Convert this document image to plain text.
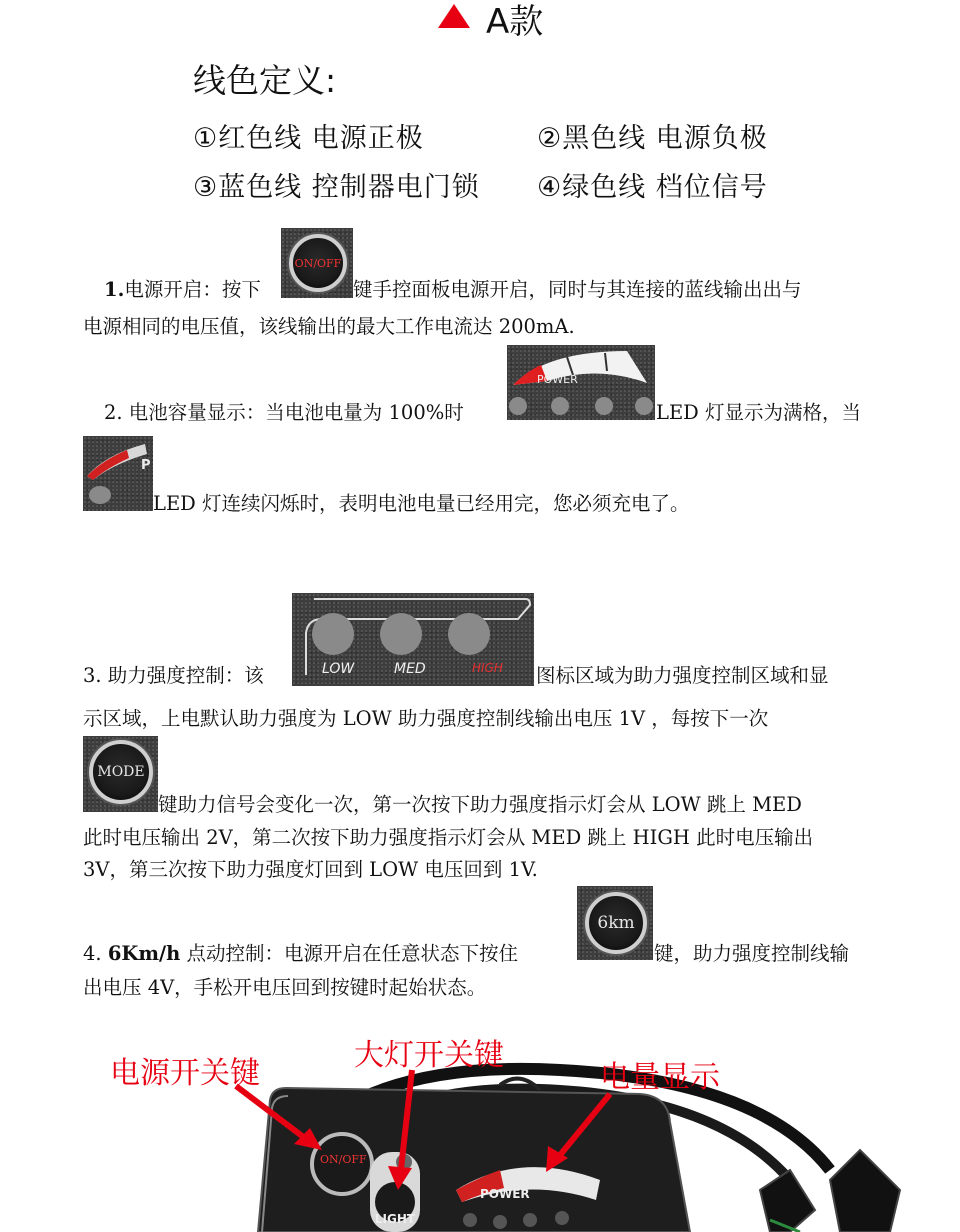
A款
线色定义:
①红色线 电源正极	②黑色线 电源负极
③蓝色线 控制器电门锁 ④绿色线 档位信号
1.电源开启：按下
ON/OFF
键手控面板电源开启，同时与其连接的蓝线输出出与
电源相同的电压值，该线输出的最大工作电流达 200mA.
2. 电池容量显示：当电池电量为 100%时
POWER
LED 灯显示为满格，当
P
LED 灯连续闪烁时，表明电池电量已经用完，您必须充电了。
3. 助力强度控制：该	LOW	MED	HIGH 图标区域为助力强度控制区域和显
示区域，上电默认助力强度为 LOW 助力强度控制线输出电压 1V ，每按下一次
MODE
键助力信号会变化一次，第一次按下助力强度指示灯会从 LOW 跳上 MED
此时电压输出 2V，第二次按下助力强度指示灯会从 MED 跳上 HIGH 此时电压输出
3V，第三次按下助力强度灯回到 LOW 电压回到 1V.
4. 6Km/h 点动控制：电源开启在任意状态下按住
6km
键，助力强度控制线输
出电压 4V，手松开电压回到按键时起始状态。
ON/OFF
LIGHT
POWER
电源开关键
大灯开关键
电量显示
